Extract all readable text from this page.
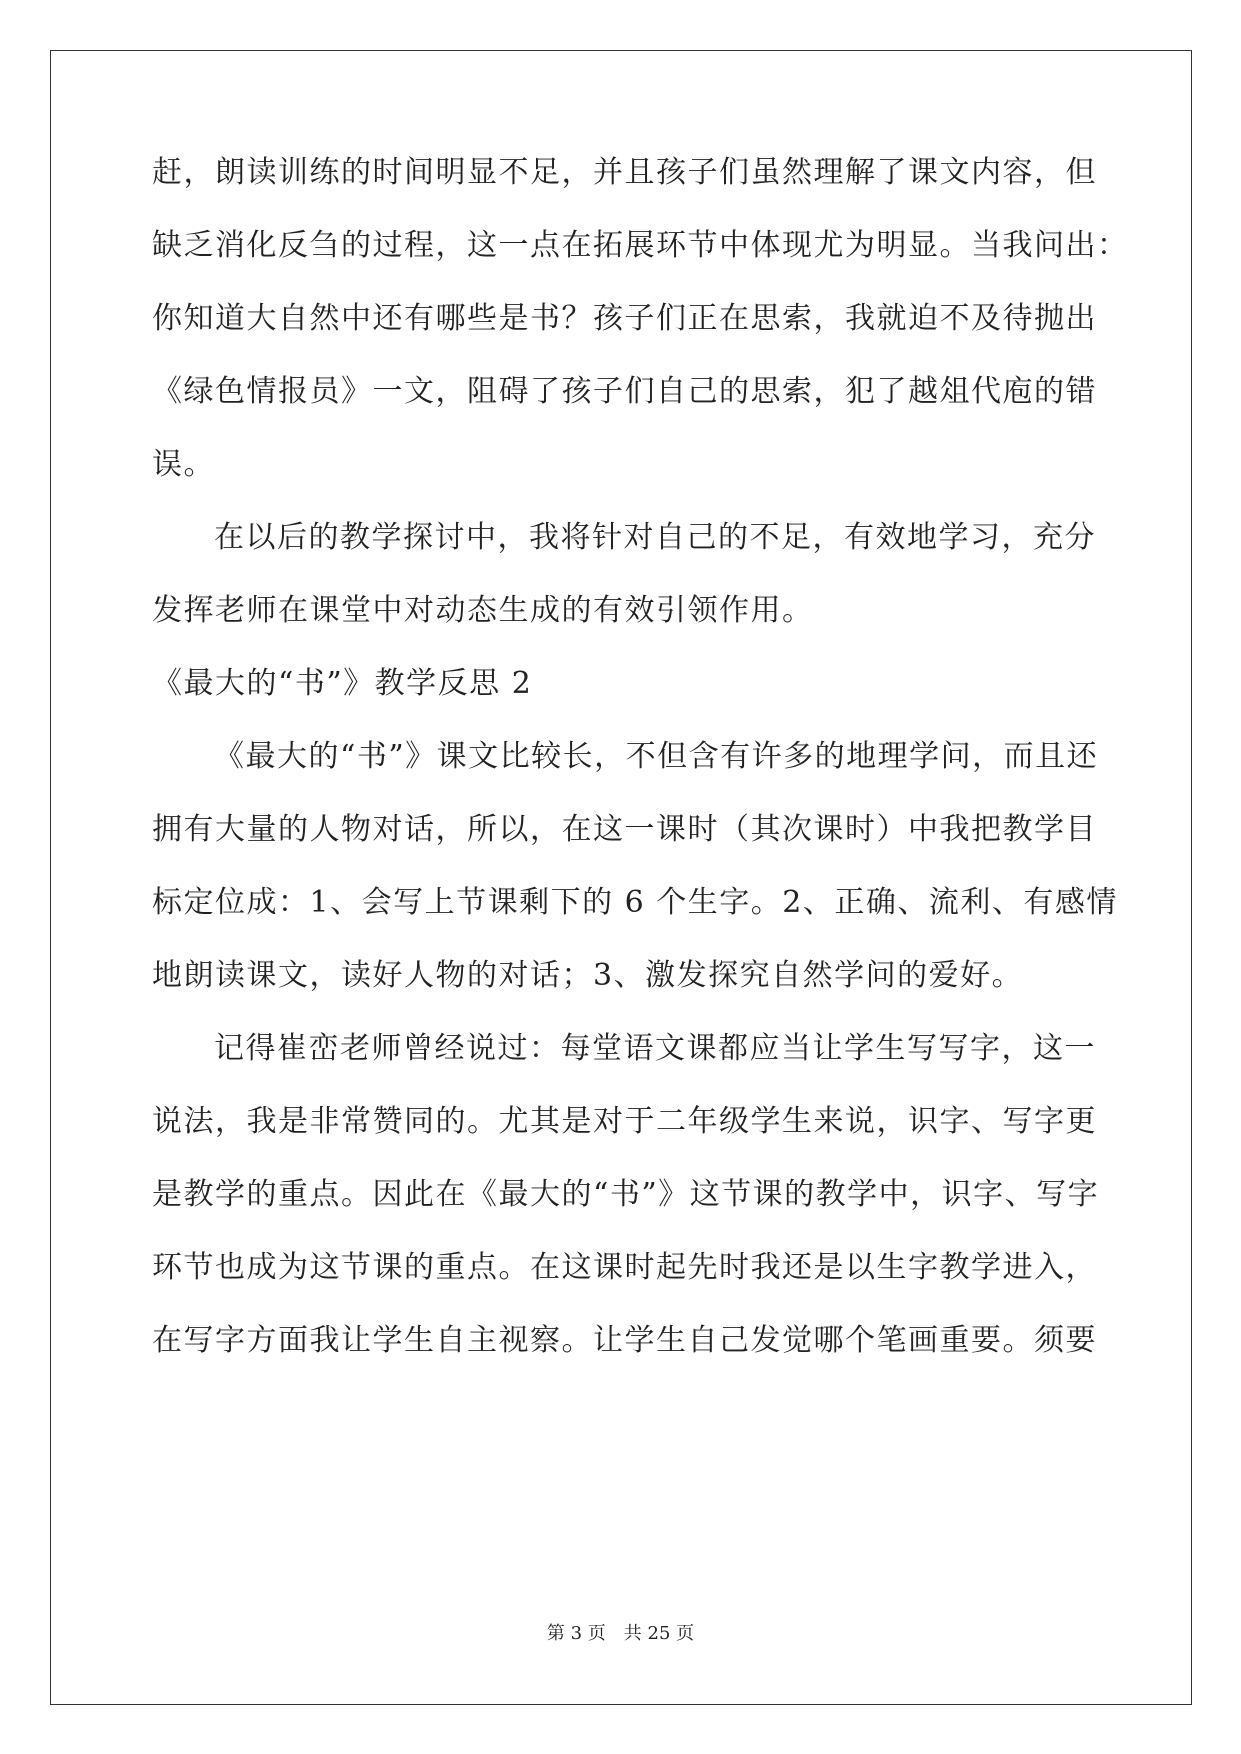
赶，朗读训练的时间明显不足，并且孩子们虽然理解了课文内容，但
缺乏消化反刍的过程，这一点在拓展环节中体现尤为明显。当我问出：
你知道大自然中还有哪些是书？孩子们正在思索，我就迫不及待抛出
《绿色情报员》一文，阻碍了孩子们自己的思索，犯了越俎代庖的错
误。
在以后的教学探讨中，我将针对自己的不足，有效地学习，充分
发挥老师在课堂中对动态生成的有效引领作用。
《最大的“书”》教学反思 2
《最大的“书”》课文比较长，不但含有许多的地理学问，而且还
拥有大量的人物对话，所以，在这一课时（其次课时）中我把教学目
标定位成：1、会写上节课剩下的 6 个生字。2、正确、流利、有感情
地朗读课文，读好人物的对话；3、激发探究自然学问的爱好。
记得崔峦老师曾经说过：每堂语文课都应当让学生写写字，这一
说法，我是非常赞同的。尤其是对于二年级学生来说，识字、写字更
是教学的重点。因此在《最大的“书”》这节课的教学中，识字、写字
环节也成为这节课的重点。在这课时起先时我还是以生字教学进入，
在写字方面我让学生自主视察。让学生自己发觉哪个笔画重要。须要
第 3 页　共 25 页
